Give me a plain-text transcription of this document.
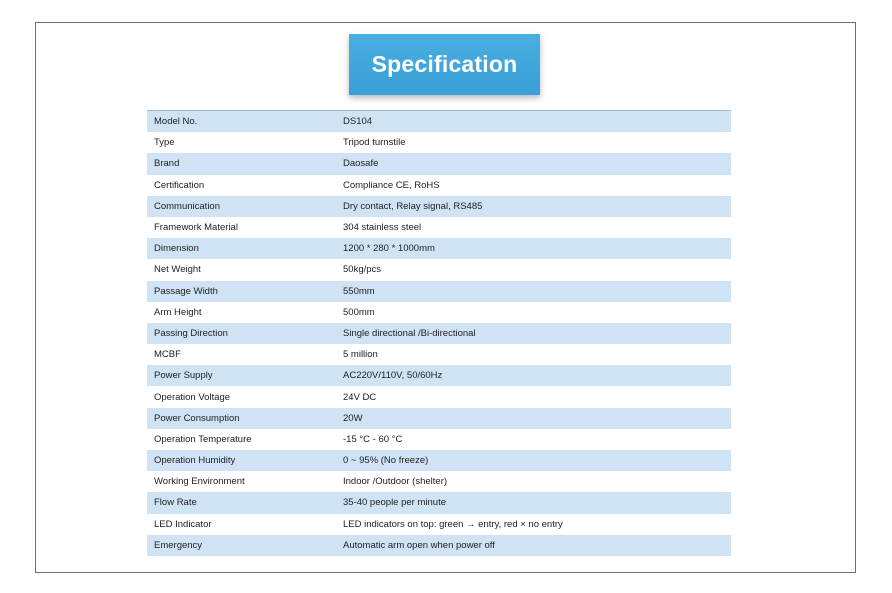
Specification
Model No.	DS104
Type	Tripod turnstile
Brand	Daosafe
Certification	Compliance CE, RoHS
Communication	Dry contact, Relay signal, RS485
Framework Material	304 stainless steel
Dimension	1200 * 280 * 1000mm
Net Weight	50kg/pcs
Passage Width	550mm
Arm Height	500mm
Passing Direction	Single directional /Bi-directional
MCBF	5 million
Power Supply	AC220V/110V, 50/60Hz
Operation Voltage	24V DC
Power Consumption	20W
Operation Temperature	-15 °C - 60 °C
Operation Humidity	0 ~ 95% (No freeze)
Working Environment	Indoor /Outdoor (shelter)
Flow Rate	35-40 people per minute
LED Indicator	LED indicators on top: green → entry, red × no entry
Emergency	Automatic arm open when power off
